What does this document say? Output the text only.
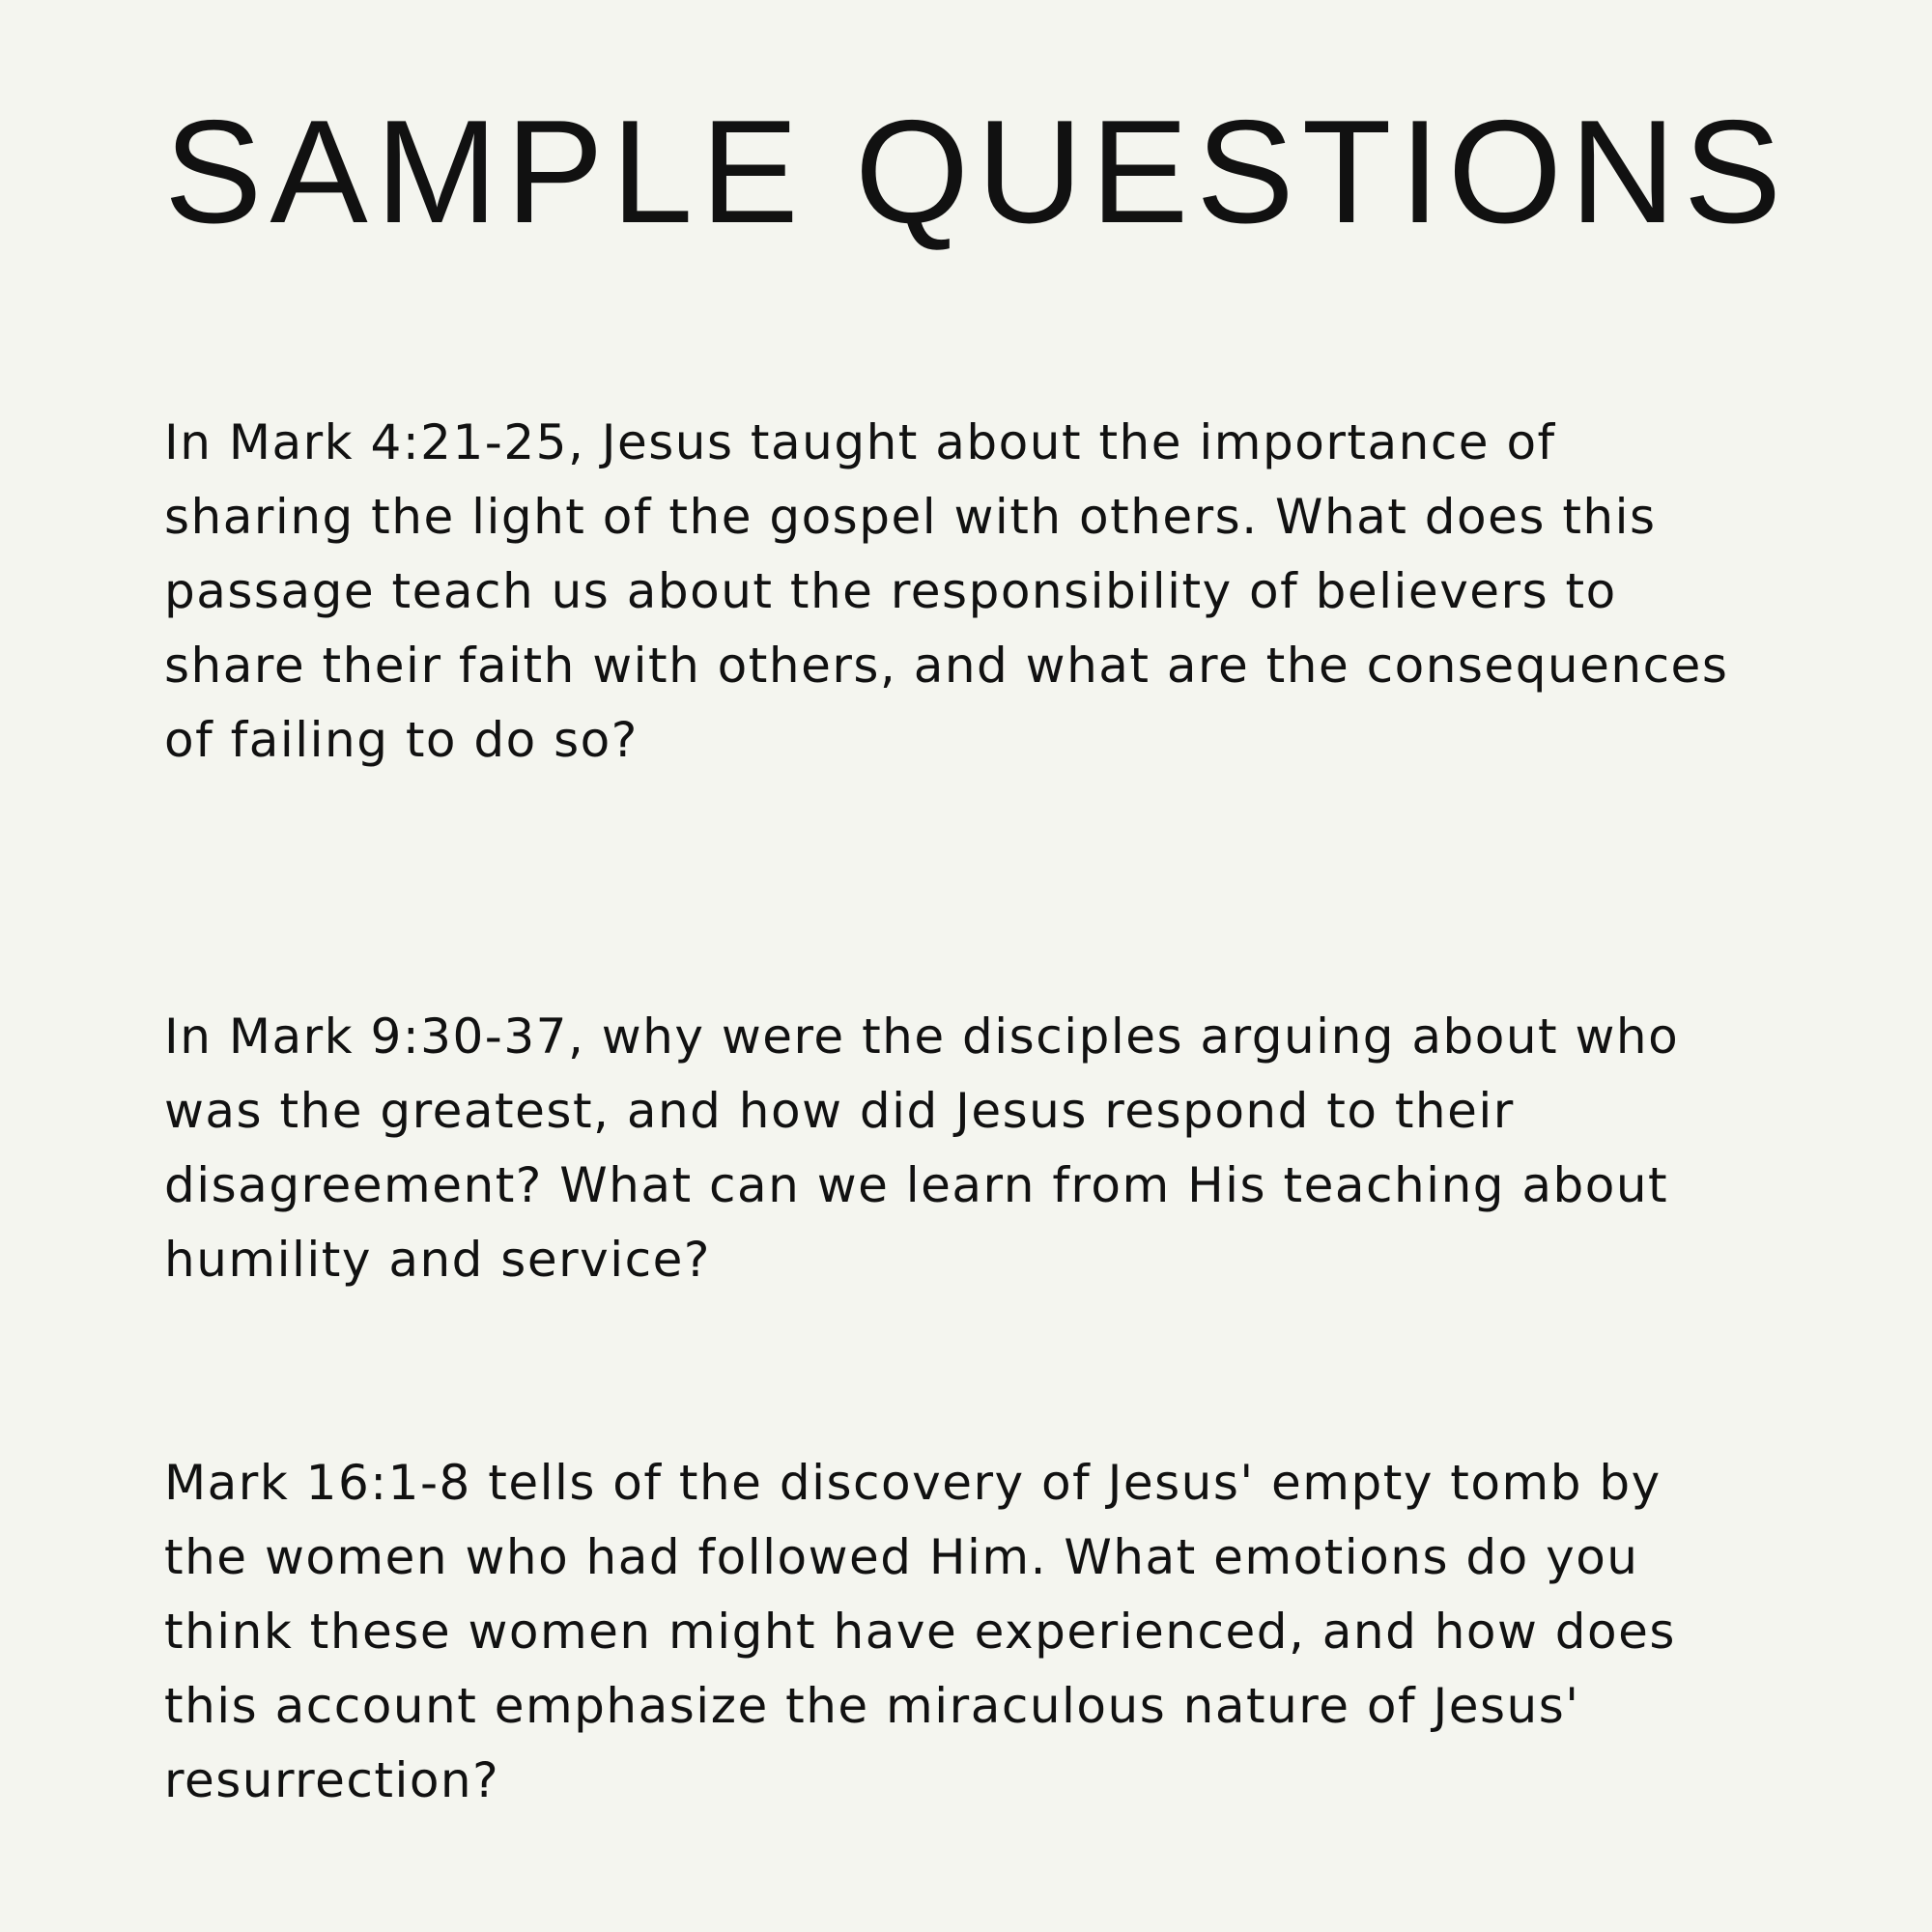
SAMPLE QUESTIONS

In Mark 4:21-25, Jesus taught about the importance of sharing the light of the gospel with others. What does this passage teach us about the responsibility of believers to share their faith with others, and what are the consequences of failing to do so?

In Mark 9:30-37, why were the disciples arguing about who was the greatest, and how did Jesus respond to their disagreement? What can we learn from His teaching about humility and service?

Mark 16:1-8 tells of the discovery of Jesus' empty tomb by the women who had followed Him. What emotions do you think these women might have experienced, and how does this account emphasize the miraculous nature of Jesus' resurrection?
